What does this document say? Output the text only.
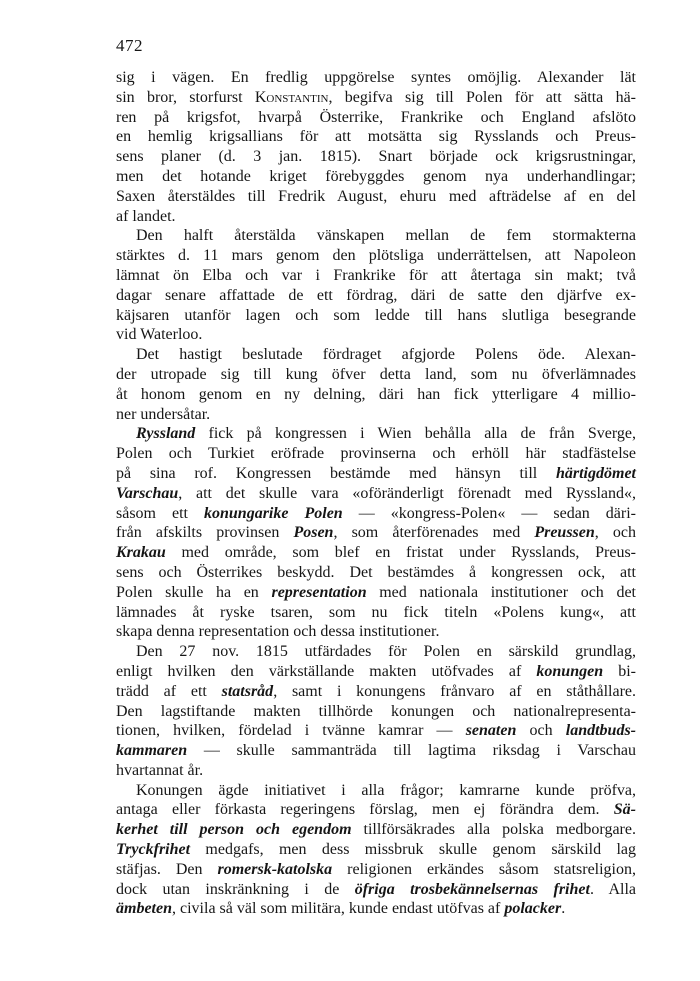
472
sig i vägen. En fredlig uppgörelse syntes omöjlig. Alexander lät
sin bror, storfurst Konstantin, begifva sig till Polen för att sätta hä-
ren på krigsfot, hvarpå Österrike, Frankrike och England afslöto
en hemlig krigsallians för att motsätta sig Rysslands och Preus-
sens planer (d. 3 jan. 1815). Snart började ock krigsrustningar,
men det hotande kriget förebyggdes genom nya underhandlingar;
Saxen återstäldes till Fredrik August, ehuru med afträdelse af en del
af landet.
Den halft återstälda vänskapen mellan de fem stormakterna
stärktes d. 11 mars genom den plötsliga underrättelsen, att Napoleon
lämnat ön Elba och var i Frankrike för att återtaga sin makt; två
dagar senare affattade de ett fördrag, däri de satte den djärfve ex-
käjsaren utanför lagen och som ledde till hans slutliga besegrande
vid Waterloo.
Det hastigt beslutade fördraget afgjorde Polens öde. Alexan-
der utropade sig till kung öfver detta land, som nu öfverlämnades
åt honom genom en ny delning, däri han fick ytterligare 4 millio-
ner undersåtar.
Ryssland fick på kongressen i Wien behålla alla de från Sverge,
Polen och Turkiet eröfrade provinserna och erhöll här stadfästelse
på sina rof. Kongressen bestämde med hänsyn till härtigdömet
Varschau, att det skulle vara «oföränderligt förenadt med Ryssland«,
såsom ett konungarike Polen — «kongress-Polen« — sedan däri-
från afskilts provinsen Posen, som återförenades med Preussen, och
Krakau med område, som blef en fristat under Rysslands, Preus-
sens och Österrikes beskydd. Det bestämdes å kongressen ock, att
Polen skulle ha en representation med nationala institutioner och det
lämnades åt ryske tsaren, som nu fick titeln «Polens kung«, att
skapa denna representation och dessa institutioner.
Den 27 nov. 1815 utfärdades för Polen en särskild grundlag,
enligt hvilken den värkställande makten utöfvades af konungen bi-
trädd af ett statsråd, samt i konungens frånvaro af en ståthållare.
Den lagstiftande makten tillhörde konungen och nationalrepresenta-
tionen, hvilken, fördelad i tvänne kamrar — senaten och landtbuds-
kammaren — skulle sammanträda till lagtima riksdag i Varschau
hvartannat år.
Konungen ägde initiativet i alla frågor; kamrarne kunde pröfva,
antaga eller förkasta regeringens förslag, men ej förändra dem. Sä-
kerhet till person och egendom tillförsäkrades alla polska medborgare.
Tryckfrihet medgafs, men dess missbruk skulle genom särskild lag
stäfjas. Den romersk-katolska religionen erkändes såsom statsreligion,
dock utan inskränkning i de öfriga trosbekännelsernas frihet. Alla
ämbeten, civila så väl som militära, kunde endast utöfvas af polacker.
